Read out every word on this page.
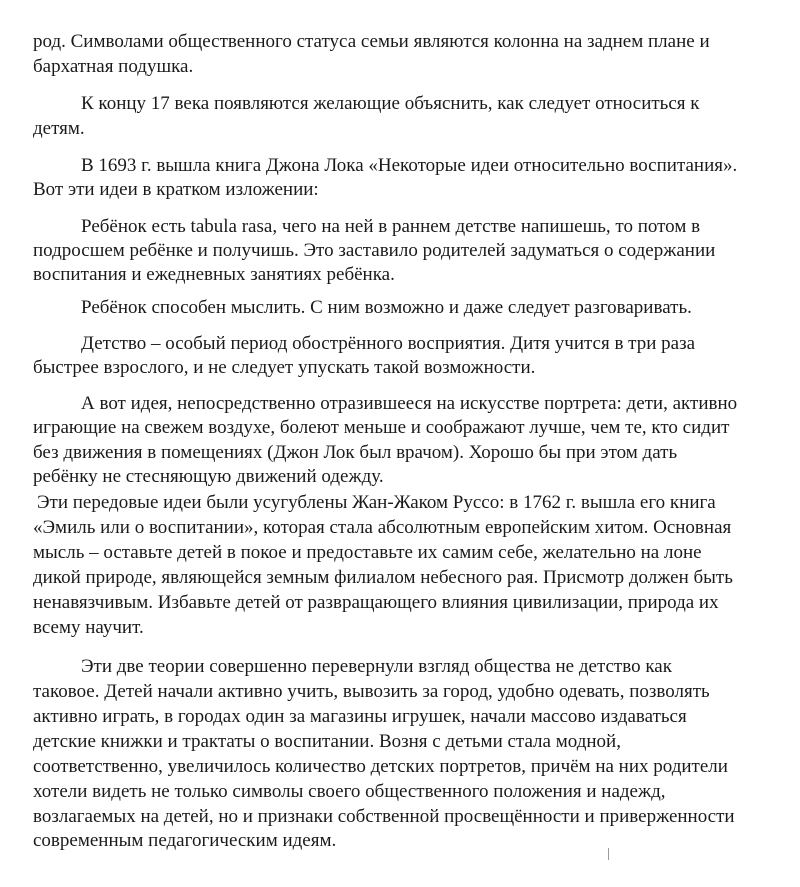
род. Символами общественного статуса семьи являются колонна на заднем плане и
бархатная подушка.
К концу 17 века появляются желающие объяснить, как следует относиться к
детям.
В 1693 г. вышла книга Джона Лока «Некоторые идеи относительно воспитания».
Вот эти идеи в кратком изложении:
Ребёнок есть tabula rasa, чего на ней в раннем детстве напишешь, то потом в
подросшем ребёнке и получишь. Это заставило родителей задуматься о содержании
воспитания и ежедневных занятиях ребёнка.
Ребёнок способен мыслить. С ним возможно и даже следует разговаривать.
Детство – особый период обострённого восприятия. Дитя учится в три раза
быстрее взрослого, и не следует упускать такой возможности.
А вот идея, непосредственно отразившееся на искусстве портрета: дети, активно
играющие на свежем воздухе, болеют меньше и соображают лучше, чем те, кто сидит
без движения в помещениях (Джон Лок был врачом). Хорошо бы при этом дать
ребёнку не стесняющую движений одежду.
Эти передовые идеи были усугублены Жан-Жаком Руссо: в 1762 г. вышла его книга
«Эмиль или о воспитании», которая стала абсолютным европейским хитом. Основная
мысль – оставьте детей в покое и предоставьте их самим себе, желательно на лоне
дикой природе, являющейся земным филиалом небесного рая. Присмотр должен быть
ненавязчивым. Избавьте детей от развращающего влияния цивилизации, природа их
всему научит.
Эти две теории совершенно перевернули взгляд общества не детство как
таковое. Детей начали активно учить, вывозить за город, удобно одевать, позволять
активно играть, в городах один за магазины игрушек, начали массово издаваться
детские книжки и трактаты о воспитании. Возня с детьми стала модной,
соответственно, увеличилось количество детских портретов, причём на них родители
хотели видеть не только символы своего общественного положения и надежд,
возлагаемых на детей, но и признаки собственной просвещённости и приверженности
современным педагогическим идеям.
